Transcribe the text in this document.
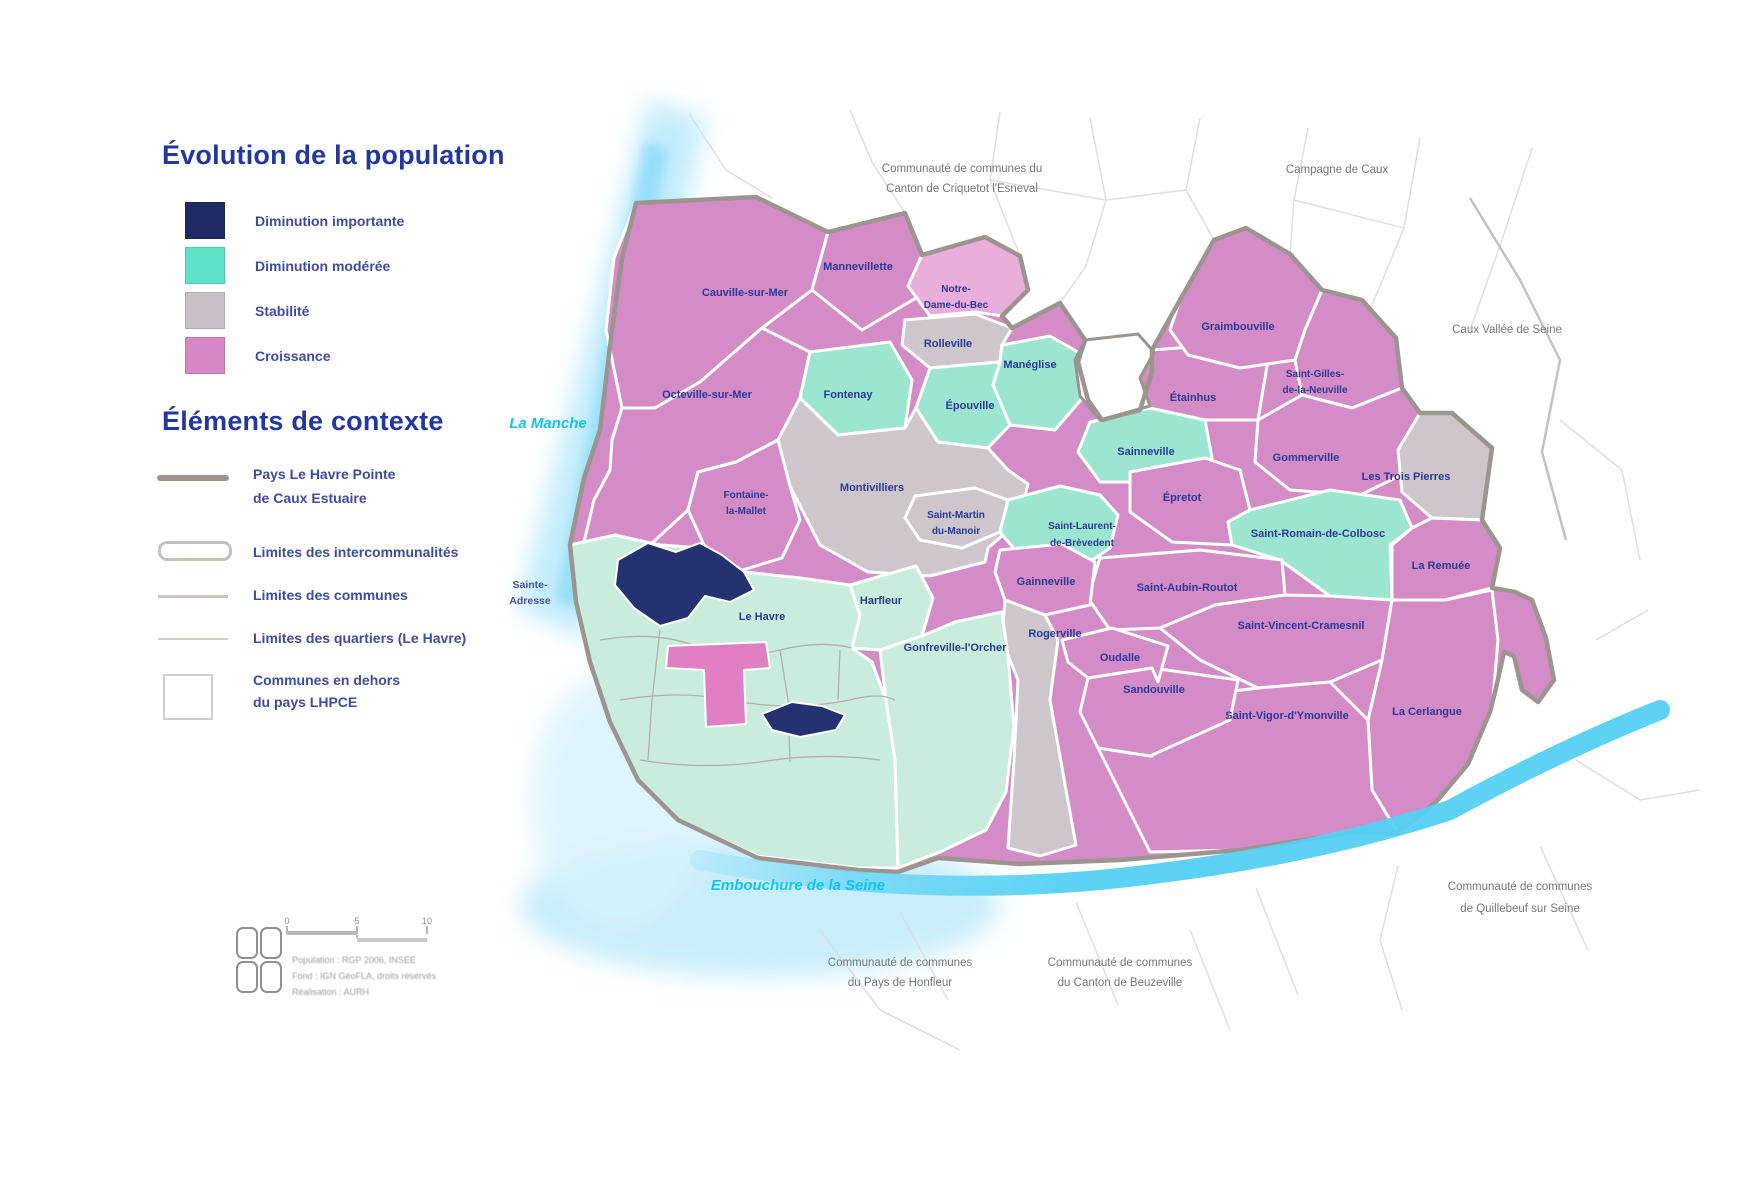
Cauville-sur-Mer
Mannevillette
Notre-
Dame-du-Bec
Rolleville
Manéglise
Octeville-sur-Mer	Fontenay
Épouville
Montivilliers
Fontaine-
la-Mallet	Saint-Martin
du-Manoir	Saint-Laurent-
de-Brèvedent
Sainneville
Étainhus
Graimbouville
Saint-Gilles-
de-la-Neuville
Gommerville
Les Trois Pierres
Épretot
Saint-Romain-de-Colbosc
La Remuée
Saint-Aubin-Routot
Saint-Vincent-Cramesnil
Gainneville
Rogerville
Oudalle
Sandouville
Saint-Vigor-d'Ymonville	La Cerlangue
Harfleur
Gonfreville-l'Orcher
Le Havre
Sainte-
Adresse
Communauté de communes du
Canton de Criquetot l'Esneval
Campagne de Caux
Caux Vallée de Seine
Communauté de communes
de Quillebeuf sur Seine
Communauté de communes
du Pays de Honfleur
Communauté de communes
du Canton de Beuzeville
La Manche
Embouchure de la Seine
0	5	10
Évolution de la population
Diminution importante
Diminution modérée
Stabilité
Croissance
Éléments de contexte
Pays Le Havre Pointe
de Caux Estuaire
Limites des intercommunalités
Limites des communes
Limites des quartiers (Le Havre)
Communes en dehors
du pays LHPCE
Population : RGP 2006, INSEE
Fond : IGN GéoFLA, droits réservés
Réalisation : AURH
